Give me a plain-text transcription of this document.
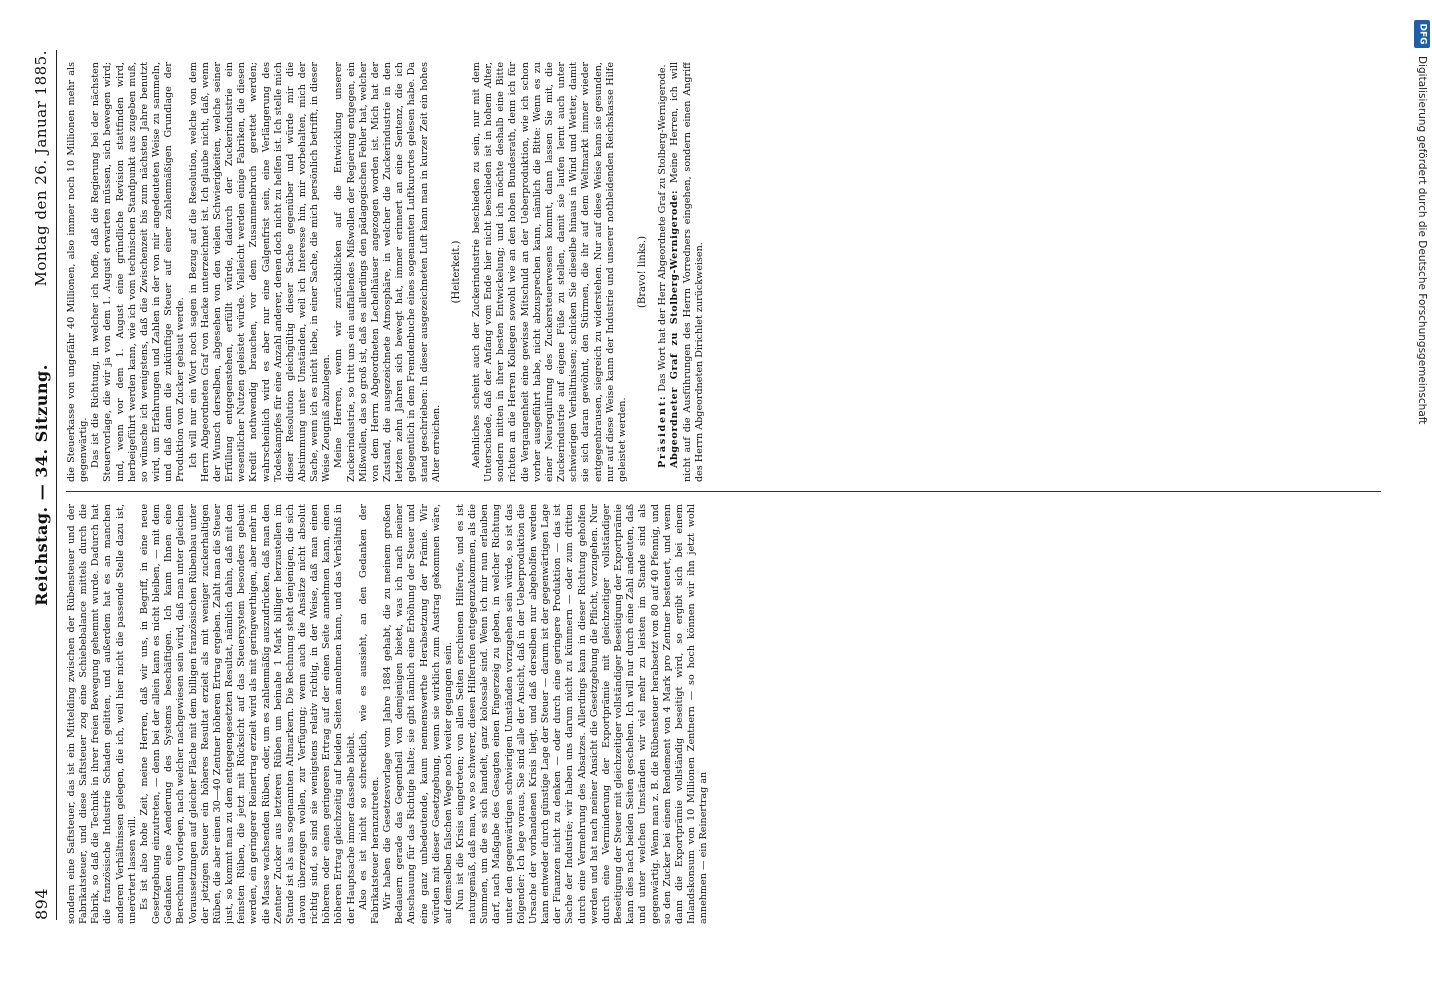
894
Reichstag. — 34. Sitzung.
Montag den 26. Januar 1885.

sondern eine Saftsteuer, das ist ein Mittelding zwischen der Rübensteuer und der Fabrikatsteuer, und diese Saftsteuer zog eine Schiebebalance mittels durch die Fabrik, so daß die Technik in ihrer freien Bewegung gehemmt wurde. Dadurch hat die französische Industrie Schaden gelitten, und außerdem hat es an manchen anderen Verhältnissen gelegen, die ich, weil hier nicht die passende Stelle dazu ist, unerörtert lassen will. Es ist also hohe Zeit, meine Herren, daß wir uns, in Begriff, in eine neue Gesetzgebung einzutreten, — denn bei der allein kann es nicht bleiben, — mit dem Gedanken eine Aenderung des Systems beschäftigen. Ich kann Ihnen eine Berechnung vorlegen, nach welcher nachgewiesen sein wird, daß man unter gleichen Voraussetzungen auf gleicher Fläche mit dem billigen französischen Rübenbau unter der jetzigen Steuer ein höheres Resultat erzielt als mit weniger zuckerhaltigen Rüben, die aber einen 30—40 Zentner höheren Ertrag ergeben. Zahlt man die Steuer just, so kommt man zu dem entgegengesetzten Resultat, nämlich dahin, daß mit den feinsten Rüben, die jetzt mit Rücksicht auf das Steuersystem besonders gebaut werden, ein geringerer Reinertrag erzielt wird als mit geringwerthigen, aber mehr in die Masse wachsenden Rüben, oder, um es zahlenmäßig auszudrücken, daß man den Zentner Zucker aus letzteren Rüben um beinahe 1 Mark billiger herzustellen im Stande ist als aus sogenannten Altmarkern. Die Rechnung steht denjenigen, die sich davon überzeugen wollen, zur Verfügung; wenn auch die Ansätze nicht absolut richtig sind, so sind sie wenigstens relativ richtig, in der Weise, daß man einen höheren oder einen geringeren Ertrag auf der einen Seite annehmen kann, einen höheren Ertrag gleichzeitig auf beiden Seiten annehmen kann, und das Verhältniß in der Hauptsache immer dasselbe bleibt. Also es ist nicht so schrecklich, wie es aussieht, an den Gedanken der Fabrikatsteuer heranzutreten. Wir haben die Gesetzesvorlage vom Jahre 1884 gehabt, die zu meinem großen Bedauern gerade das Gegentheil von demjenigen bietet, was ich nach meiner Anschauung für das Richtige halte; sie gibt nämlich eine Erhöhung der Steuer und eine ganz unbedeutende, kaum nennenswerthe Herabsetzung der Prämie. Wir würden mit dieser Gesetzgebung, wenn sie wirklich zum Austrag gekommen wäre, auf demselben falschen Wege noch weiter gegangen sein. Nun ist die Krisis eingetreten; von allen Seiten erschienen Hilferufe, und es ist naturgemäß, daß man, wo so schwerer, diesen Hilferufen entgegenzukommen, als die Summen, um die es sich handelt, ganz kolossale sind. Wenn ich mir nun erlauben darf, nach Maßgabe des Gesagten einen Fingerzeig zu geben, in welcher Richtung unter den gegenwärtigen schwierigen Umständen vorzugehen sein würde, so ist das folgender: Ich lege voraus, Sie sind alle der Ansicht, daß in der Ueberproduktion die Ursache der vorhandenen Krisis liegt, und daß derselben nur abgeholfen werden kann entweder durch günstige Lage der Steuer — darum ist der gegenwärtigen Lage der Finanzen nicht zu denken — oder durch eine geringere Produktion — das ist Sache der Industrie; wir haben uns darum nicht zu kümmern — oder zum dritten durch eine Vermehrung des Absatzes. Allerdings kann in dieser Richtung geholfen werden und hat nach meiner Ansicht die Gesetzgebung die Pflicht, vorzugehen. Nur durch eine Verminderung der Exportprämie mit gleichzeitiger vollständiger Beseitigung der Steuer mit gleichzeitiger vollständiger Beseitigung der Exportprämie kann dies nach beiden Seiten geschehen. Ich will nur durch eine Zahl andeuten, daß und unter welchen Umständen wir viel mehr zu leisten im Stande sind als gegenwärtig. Wenn man z. B. die Rübensteuer herabsetzt von 80 auf 40 Pfennig, und so den Zucker bei einem Rendement von 4 Mark pro Zentner besteuert, und wenn dann die Exportprämie vollständig beseitigt wird, so ergibt sich bei einem Inlandskonsum von 10 Millionen Zentnern — so hoch können wir ihn jetzt wohl annehmen — ein Reinertrag an

die Steuerkasse von ungefähr 40 Millionen, also immer noch 10 Millionen mehr als gegenwärtig. Das ist die Richtung, in welcher ich hoffe, daß die Regierung bei der nächsten Steuervorlage, die wir ja von dem 1. August erwarten müssen, sich bewegen wird; und, wenn vor dem 1. August eine gründliche Revision stattfinden wird, herbeigeführt werden kann, wie ich vom technischen Standpunkt aus zugeben muß, so wünsche ich wenigstens, daß die Zwischenzeit bis zum nächsten Jahre benutzt wird, um Erfahrungen und Zahlen in der von mir angedeuteten Weise zu sammeln, und daß dann die zukünftige Steuer auf einer zahlenmäßigen Grundlage der Produktion von Zucker gebaut werde. Ich will nur ein Wort noch sagen in Bezug auf die Resolution, welche von dem Herrn Abgeordneten Graf von Hacke unterzeichnet ist. Ich glaube nicht, daß, wenn der Wunsch derselben, abgesehen von den vielen Schwierigkeiten, welche seiner Erfüllung entgegenstehen, erfüllt würde, dadurch der Zuckerindustrie ein wesentlicher Nutzen geleistet würde. Vielleicht werden einige Fabriken, die diesen Kredit nothwendig brauchen, vor dem Zusammenbruch gerettet werden; wahrscheinlich wird es aber nur eine Galgenfrist sein, eine Verlängerung des Todeskampfes für eine Anzahl anderer, denen doch nicht zu helfen ist. Ich stelle mich dieser Resolution gleichgültig dieser Sache gegenüber und würde mir die Abstimmung unter Umständen, weil ich Interesse hin, mir vorbehalten, mich der Sache, wenn ich es nicht liebe, in einer Sache, die mich persönlich betrifft, in dieser Weise Zeugniß abzulegen. Meine Herren, wenn wir zurückblicken auf die Entwicklung unserer Zuckerindustrie, so tritt uns ein auffallendes Mißwollen der Regierung entgegen, ein Mißwollen, das so groß ist, daß es allerdings den pädagogischen Fehler hat, welcher von dem Herrn Abgeordneten Lechelhäuser angezogen worden ist. Mich hat der Zustand, die ausgezeichnete Atmosphäre, in welcher die Zuckerindustrie in den letzten zehn Jahren sich bewegt hat, immer erinnert an eine Sentenz, die ich gelegentlich in dem Fremdenbuche eines sogenannten Luftkurortes gelesen habe. Da stand geschrieben: In dieser ausgezeichneten Luft kann man in kurzer Zeit ein hohes Alter erreichen.

(Heiterkeit.) Aehnliches scheint auch der Zuckerindustrie beschieden zu sein, nur mit dem Unterschiede, daß der Anfang vom Ende hier nicht beschieden ist in hohem Alter, sondern mitten in ihrer besten Entwickelung; und ich möchte deshalb eine Bitte richten an die Herren Kollegen sowohl wie an den hohen Bundesrath, denn ich für die Vergangenheit eine gewisse Mitschuld an der Ueberproduktion, wie ich schon vorher ausgeführt habe, nicht abzusprechen kann, nämlich die Bitte: Wenn es zu einer Neuregulirung des Zuckersteuerwesens kommt, dann lassen Sie mit, die Zuckerindustrie auf eigene Füße zu stellen, damit sie laufen lernt auch unter schwierigen Verhältnissen; schicken Sie dieselbe hinaus in Wind und Wetter, damit sie sich daran gewöhnt, den Stürmen, die ihr auf dem Weltmarkt immer wieder entgegenbrausen, siegreich zu widerstehen. Nur auf diese Weise kann sie gesunden, nur auf diese Weise kann der Industrie und unserer nothleidenden Reichskasse Hilfe geleistet werden.

(Bravo! links.)

Präsident: Das Wort hat der Herr Abgeordnete Graf zu Stolberg-Wernigerode. Abgeordneter Graf zu Stolberg-Wernigerode: Meine Herren, ich will nicht auf die Ausführungen des Herrn Vorredners eingehen, sondern einen Angriff des Herrn Abgeordneten Dirichlet zurückweisen.

DFG
Digitalisierung gefördert durch die Deutsche Forschungsgemeinschaft
